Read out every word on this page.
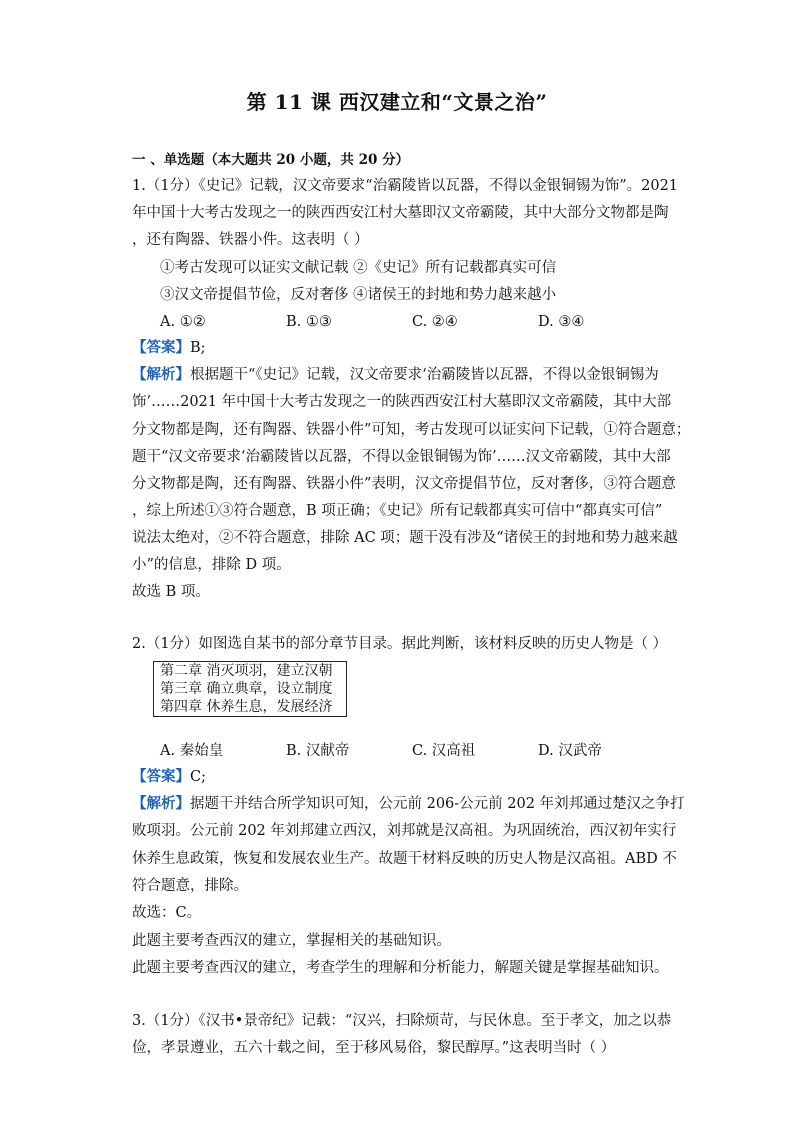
第 11 课 西汉建立和“文景之治”
一 、单选题（本大题共 20 小题，共 20 分）
1.（1分）《史记》记载，汉文帝要求“治霸陵皆以瓦器，不得以金银铜锡为饰”。2021
年中国十大考古发现之一的陕西西安江村大墓即汉文帝霸陵，其中大部分文物都是陶
，还有陶器、铁器小件。这表明（ ）
①考古发现可以证实文献记载 ②《史记》所有记载都真实可信
③汉文帝提倡节俭，反对奢侈 ④诸侯王的封地和势力越来越小
A. ①②	B. ①③	C. ②④	D. ③④
【答案】B;
【解析】根据题干“《史记》记载，汉文帝要求‘治霸陵皆以瓦器，不得以金银铜锡为
饰’……2021 年中国十大考古发现之一的陕西西安江村大墓即汉文帝霸陵，其中大部
分文物都是陶，还有陶器、铁器小件”可知，考古发现可以证实问下记载，①符合题意；
题干“汉文帝要求‘治霸陵皆以瓦器，不得以金银铜锡为饰’……汉文帝霸陵，其中大部
分文物都是陶，还有陶器、铁器小件”表明，汉文帝提倡节位，反对奢侈，③符合题意
，综上所述①③符合题意，B 项正确；《史记》所有记载都真实可信中“都真实可信”
说法太绝对，②不符合题意，排除 AC 项；题干没有涉及“诸侯王的封地和势力越来越
小”的信息，排除 D 项。
故选 B 项。
2.（1分）如图选自某书的部分章节目录。据此判断，该材料反映的历史人物是（ ）
第二章 消灭项羽，建立汉朝
第三章 确立典章，设立制度
第四章 休养生息，发展经济
A. 秦始皇	B. 汉献帝	C. 汉高祖	D. 汉武帝
【答案】C;
【解析】据题干并结合所学知识可知，公元前 206-公元前 202 年刘邦通过楚汉之争打
败项羽。公元前 202 年刘邦建立西汉，刘邦就是汉高祖。为巩固统治，西汉初年实行
休养生息政策，恢复和发展农业生产。故题干材料反映的历史人物是汉高祖。ABD 不
符合题意，排除。
故选：C。
此题主要考查西汉的建立，掌握相关的基础知识。
此题主要考查西汉的建立，考查学生的理解和分析能力，解题关键是掌握基础知识。
3.（1分）《汉书•景帝纪》记载：“汉兴，扫除烦苛，与民休息。至于孝文，加之以恭
俭，孝景遵业，五六十载之间，至于移风易俗，黎民醇厚。”这表明当时（ ）
